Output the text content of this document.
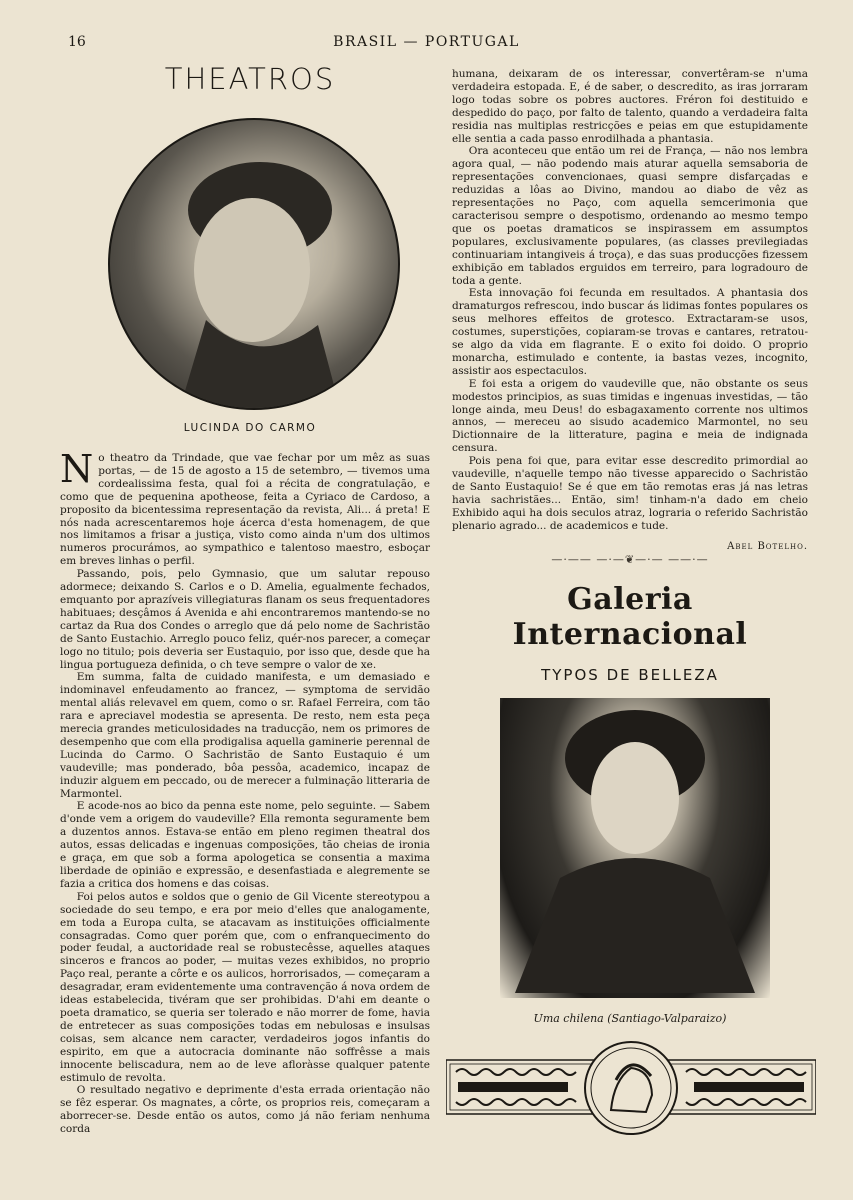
16	BRASIL — PORTUGAL
THEATROS
LUCINDA DO CARMO

No theatro da Trindade, que vae fechar por um mêz as suas portas, — de 15 de agosto a 15 de setembro, — tivemos uma cordealissima festa, qual foi a récita de congratulação, e como que de pequenina apotheose, feita a Cyriaco de Cardoso, a proposito da bicentessima representação da revista, Ali... á preta! E nós nada acrescentaremos hoje ácerca d'esta homenagem, de que nos limitamos a frisar a justiça, visto como ainda n'um dos ultimos numeros procurámos, ao sympathico e talentoso maestro, esboçar em breves linhas o perfil.

Passando, pois, pelo Gymnasio, que um salutar repouso adormece; deixando S. Carlos e o D. Amelia, egualmente fechados, emquanto por aprazíveis villegiaturas flanam os seus frequentadores habituaes; desçâmos á Avenida e ahi encontraremos mantendo-se no cartaz da Rua dos Condes o arreglo que dá pelo nome de Sachristão de Santo Eustachio. Arreglo pouco feliz, quér-nos parecer, a começar logo no titulo; pois deveria ser Eustaquio, por isso que, desde que ha lingua portugueza definida, o ch teve sempre o valor de xe.

Em summa, falta de cuidado manifesta, e um demasiado e indominavel enfeudamento ao francez, — symptoma de servidão mental aliás relevavel em quem, como o sr. Rafael Ferreira, com tão rara e apreciavel modestia se apresenta. De resto, nem esta peça merecia grandes meticulosidades na traducção, nem os primores de desempenho que com ella prodigalisa aquella gaminerie perennal de Lucinda do Carmo. O Sachristão de Santo Eustaquio é um vaudeville; mas ponderado, bôa pessôa, academico, incapaz de induzir alguem em peccado, ou de merecer a fulminação litteraria de Marmontel.

E acode-nos ao bico da penna este nome, pelo seguinte. — Sabem d'onde vem a origem do vaudeville? Ella remonta seguramente bem a duzentos annos. Estava-se então em pleno regimen theatral dos autos, essas delicadas e ingenuas composições, tão cheias de ironia e graça, em que sob a forma apologetica se consentia a maxima liberdade de opinião e expressão, e desenfastiada e alegremente se fazia a critica dos homens e das coisas.

Foi pelos autos e soldos que o genio de Gil Vicente stereotypou a sociedade do seu tempo, e era por meio d'elles que analogamente, em toda a Europa culta, se atacavam as instituições officialmente consagradas. Como quer porém que, com o enfranquecimento do poder feudal, a auctoridade real se robustecêsse, aquelles ataques sinceros e francos ao poder, — muitas vezes exhibidos, no proprio Paço real, perante a côrte e os aulicos, horrorisados, — começaram a desagradar, eram evidentemente uma contravenção á nova ordem de ideas estabelecida, tivéram que ser prohibidas. D'ahi em deante o poeta dramatico, se queria ser tolerado e não morrer de fome, havia de entretecer as suas composições todas em nebulosas e insulsas coisas, sem alcance nem caracter, verdadeiros jogos infantis do espirito, em que a autocracia dominante não soffrêsse a mais innocente beliscadura, nem ao de leve afloràsse qualquer patente estimulo de revolta.

O resultado negativo e deprimente d'esta errada orientação não se fêz esperar. Os magnates, a côrte, os proprios reis, começaram a aborrecer-se. Desde então os autos, como já não feriam nenhuma corda

humana, deixaram de os interessar, convertêram-se n'uma verdadeira estopada. E, é de saber, o descredito, as iras jorraram logo todas sobre os pobres auctores. Fréron foi destituido e despedido do paço, por falto de talento, quando a verdadeira falta residia nas multiplas restricções e peias em que estupidamente elle sentia a cada passo enrodilhada a phantasia.

Ora aconteceu que então um rei de França, — não nos lembra agora qual, — não podendo mais aturar aquella semsaboria de representações convencionaes, quasi sempre disfarçadas e reduzidas a lôas ao Divino, mandou ao diabo de vêz as representações no Paço, com aquella semcerimonia que caracterisou sempre o despotismo, ordenando ao mesmo tempo que os poetas dramaticos se inspirassem em assumptos populares, exclusivamente populares, (as classes previlegiadas continuariam intangiveis á troça), e das suas producções fizessem exhibição em tablados erguidos em terreiro, para logradouro de toda a gente.

Esta innovação foi fecunda em resultados. A phantasia dos dramaturgos refrescou, indo buscar ás lidimas fontes populares os seus melhores effeitos de grotesco. Extractaram-se usos, costumes, superstições, copiaram-se trovas e cantares, retratou-se algo da vida em flagrante. E o exito foi doido. O proprio monarcha, estimulado e contente, ia bastas vezes, incognito, assistir aos espectaculos.

E foi esta a origem do vaudeville que, não obstante os seus modestos principios, as suas timidas e ingenuas investidas, — tão longe ainda, meu Deus! do esbagaxamento corrente nos ultimos annos, — mereceu ao sisudo academico Marmontel, no seu Dictionnaire de la litterature, pagina e meia de indignada censura.

Pois pena foi que, para evitar esse descredito primordial ao vaudeville, n'aquelle tempo não tivesse apparecido o Sachristão de Santo Eustaquio! Se é que em tão remotas eras já nas letras havia sachristães... Então, sim! tinham-n'a dado em cheio Exhibido aqui ha dois seculos atraz, lograria o referido Sachristão plenario agrado... de academicos e tude.

Abel Botelho.
—·—— —·—❦—·— ——·—
Galeria Internacional
TYPOS DE BELLEZA
Uma chilena (Santiago-Valparaizo)
